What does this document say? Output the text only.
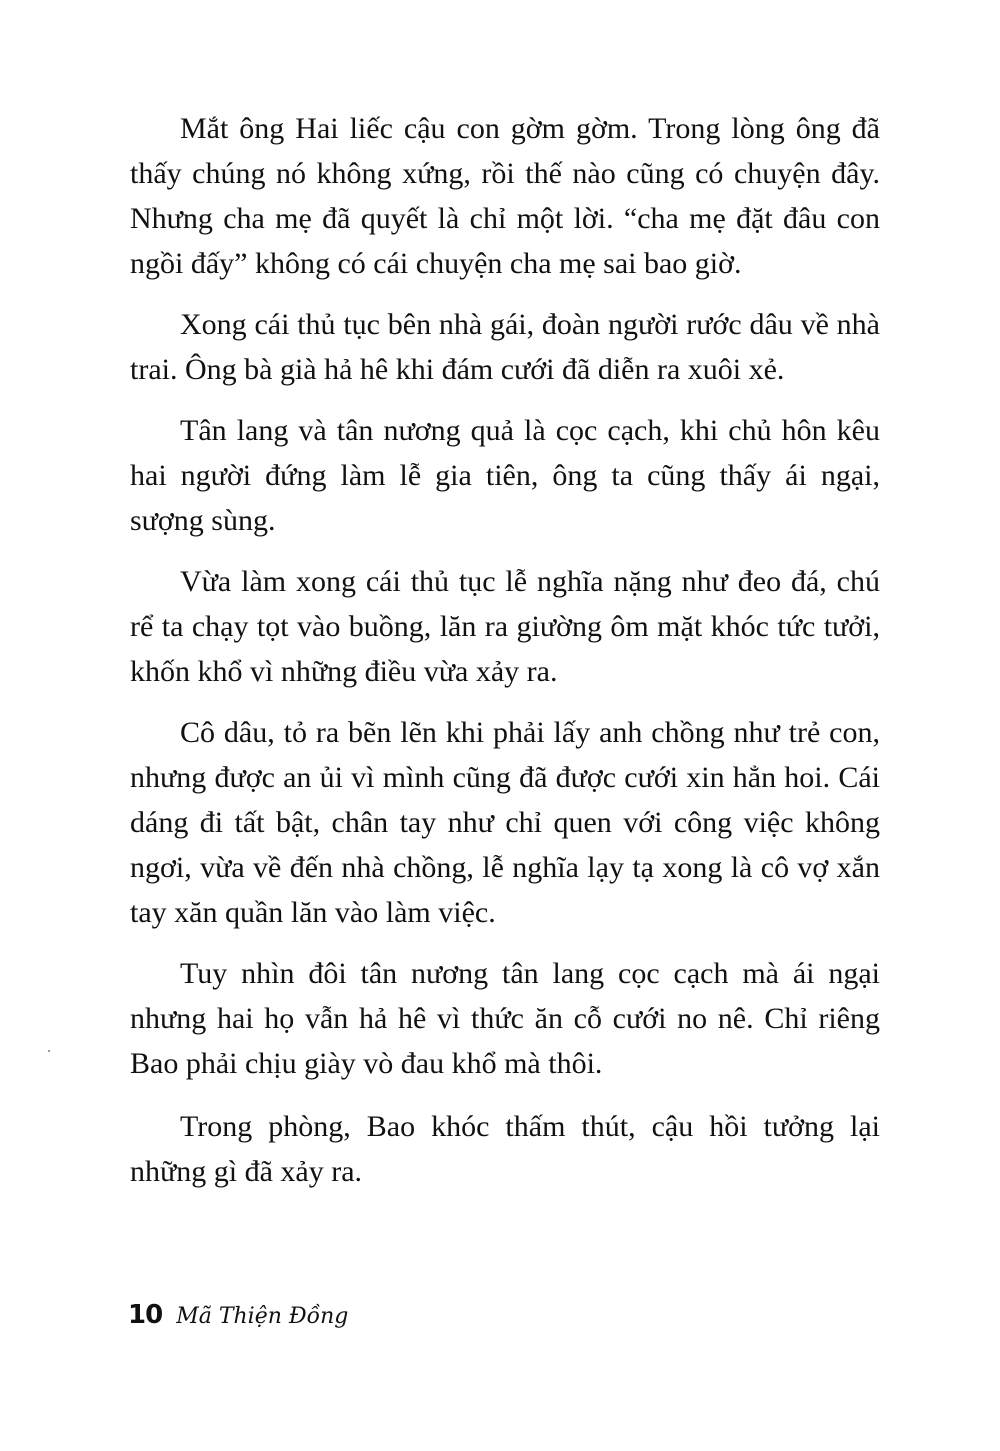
Mắt ông Hai liếc cậu con gờm gờm. Trong lòng ông đã thấy chúng nó không xứng, rồi thế nào cũng có chuyện đây. Nhưng cha mẹ đã quyết là chỉ một lời. “cha mẹ đặt đâu con ngồi đấy” không có cái chuyện cha mẹ sai bao giờ.

Xong cái thủ tục bên nhà gái, đoàn người rước dâu về nhà trai. Ông bà già hả hê khi đám cưới đã diễn ra xuôi xẻ.

Tân lang và tân nương quả là cọc cạch, khi chủ hôn kêu hai người đứng làm lễ gia tiên, ông ta cũng thấy ái ngại, sượng sùng.

Vừa làm xong cái thủ tục lễ nghĩa nặng như đeo đá, chú rể ta chạy tọt vào buồng, lăn ra giường ôm mặt khóc tức tưởi, khốn khổ vì những điều vừa xảy ra.

Cô dâu, tỏ ra bẽn lẽn khi phải lấy anh chồng như trẻ con, nhưng được an ủi vì mình cũng đã được cưới xin hẳn hoi. Cái dáng đi tất bật, chân tay như chỉ quen với công việc không ngơi, vừa về đến nhà chồng, lễ nghĩa lạy tạ xong là cô vợ xắn tay xăn quần lăn vào làm việc.

Tuy nhìn đôi tân nương tân lang cọc cạch mà ái ngại nhưng hai họ vẫn hả hê vì thức ăn cỗ cưới no nê. Chỉ riêng Bao phải chịu giày vò đau khổ mà thôi.

Trong phòng, Bao khóc thấm thút, cậu hồi tưởng lại những gì đã xảy ra.

10 Mã Thiện Đồng
